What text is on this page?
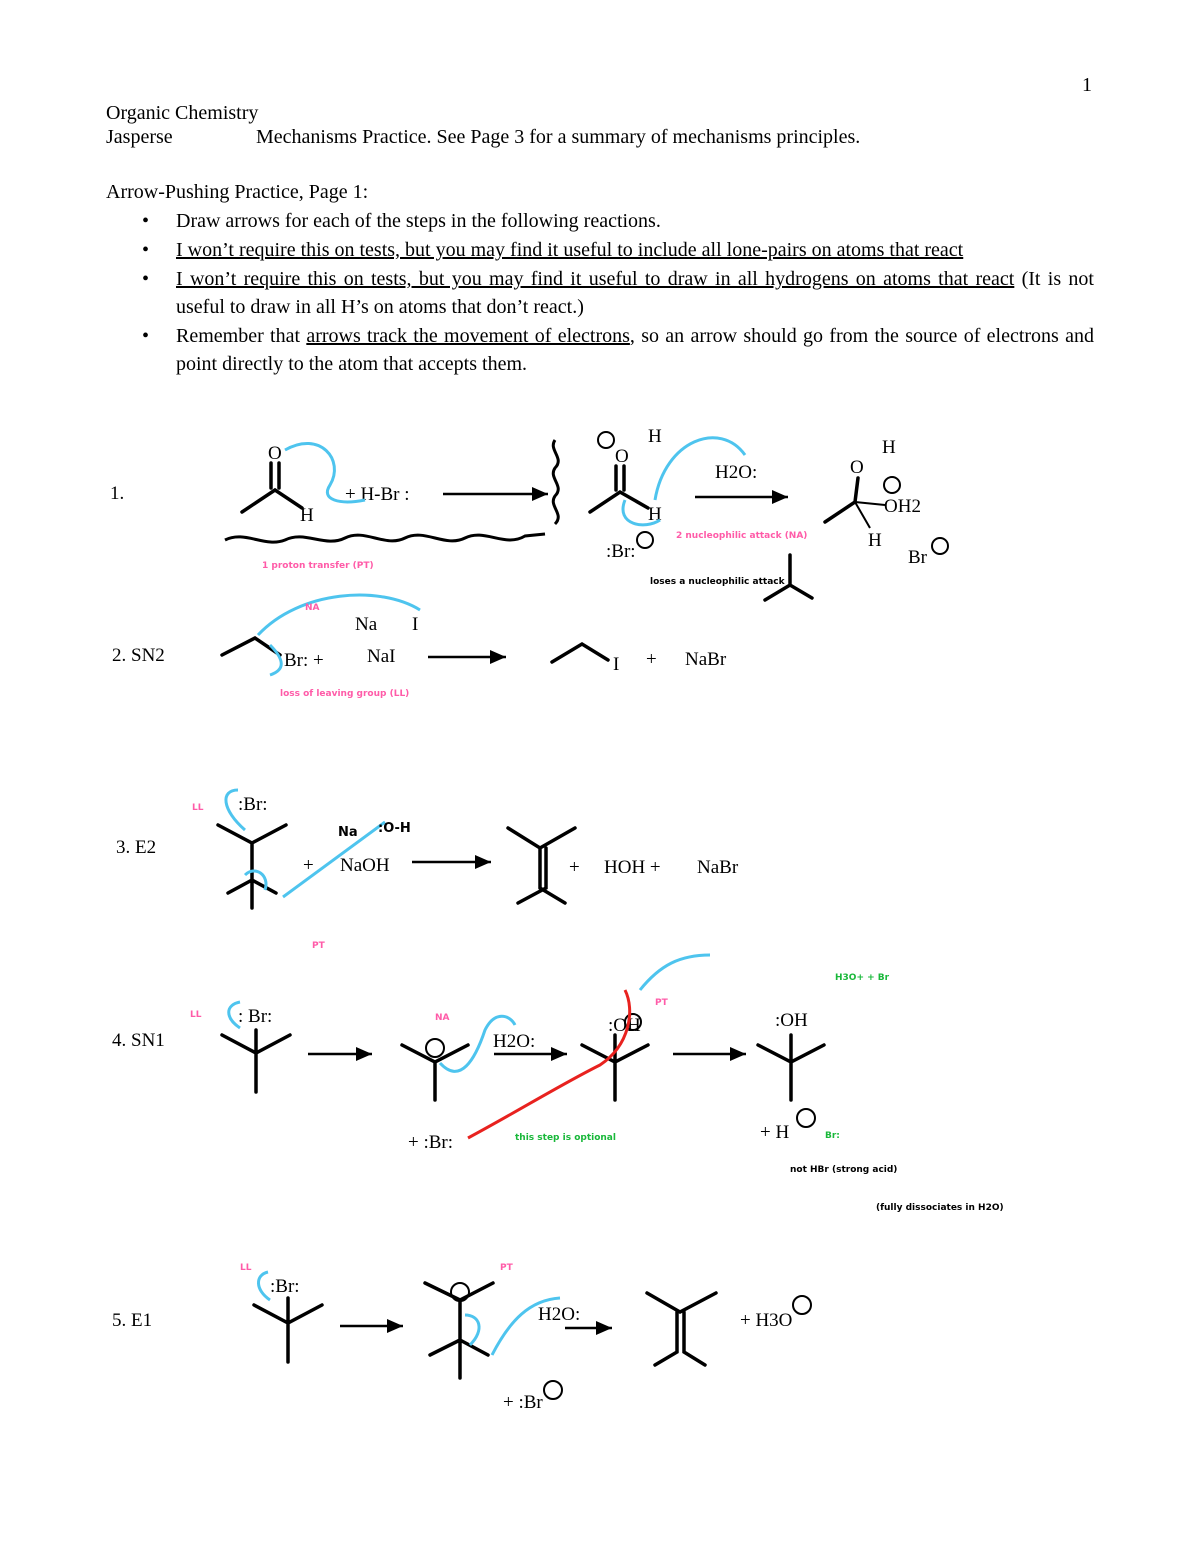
1
Organic Chemistry
Jasperse	Mechanisms Practice. See Page 3 for a summary of mechanisms principles.
Arrow-Pushing Practice, Page 1:
• Draw arrows for each of the steps in the following reactions.
• I won’t require this on tests, but you may find it useful to include all lone-pairs on atoms that react
• I won’t require this on tests, but you may find it useful to draw in all hydrogens on atoms that react (It is not useful to draw in all H’s on atoms that don’t react.)
• Remember that arrows track the movement of electrons, so an arrow should go from the source of electrons and point directly to the atom that accepts them.
1.
O
H
+ H-Br :
1 proton transfer (PT)
O
H
H
:Br:
H2O:
2 nucleophilic attack (NA)
loses a nucleophilic attack
O
H
OH2
H
Br
2. SN2	Br: + NaI
Na I
NA
loss of leaving group (LL)
I + NaBr
3. E2
:Br:
LL
PT
+ NaOH
Na :O-H
+ HOH + NaBr
4. SN1
: Br:
LL	NA
H2O:
:OH
PT
this step is optional
:OH
+ :Br:	+ H	Br:
H3O+ + Br
not HBr (strong acid)
(fully dissociates in H2O)
5. E1
:Br:
LL	PT
H2O:	+ H3O
+ :Br
